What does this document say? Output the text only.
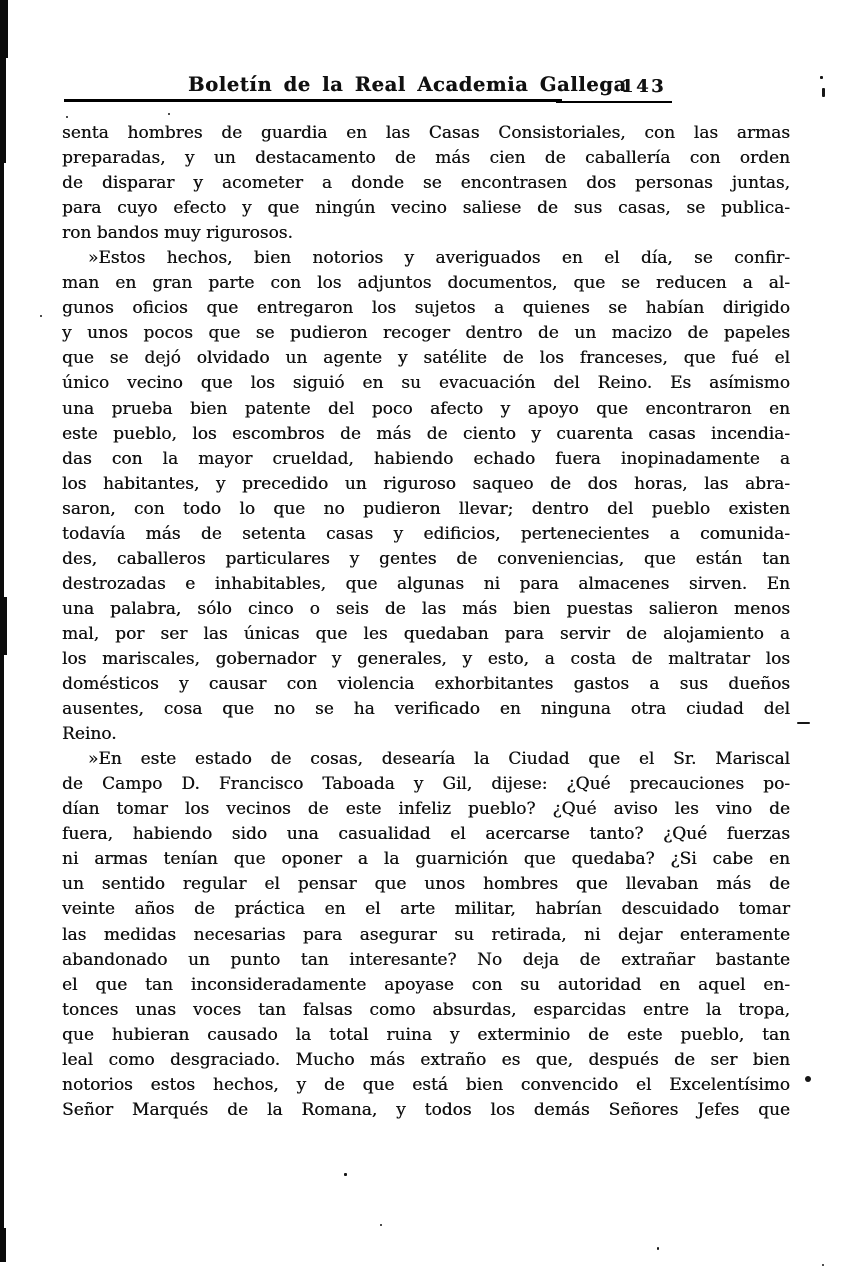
Boletín de la Real Academia Gallega
143
senta hombres de guardia en las Casas Consistoriales, con las armas
preparadas, y un destacamento de más cien de caballería con orden
de disparar y acometer a donde se encontrasen dos personas juntas,
para cuyo efecto y que ningún vecino saliese de sus casas, se publica-
ron bandos muy rigurosos.
»Estos hechos, bien notorios y averiguados en el día, se confir-
man en gran parte con los adjuntos documentos, que se reducen a al-
gunos oficios que entregaron los sujetos a quienes se habían dirigido
y unos pocos que se pudieron recoger dentro de un macizo de papeles
que se dejó olvidado un agente y satélite de los franceses, que fué el
único vecino que los siguió en su evacuación del Reino. Es asímismo
una prueba bien patente del poco afecto y apoyo que encontraron en
este pueblo, los escombros de más de ciento y cuarenta casas incendia-
das con la mayor crueldad, habiendo echado fuera inopinadamente a
los habitantes, y precedido un riguroso saqueo de dos horas, las abra-
saron, con todo lo que no pudieron llevar; dentro del pueblo existen
todavía más de setenta casas y edificios, pertenecientes a comunida-
des, caballeros particulares y gentes de conveniencias, que están tan
destrozadas e inhabitables, que algunas ni para almacenes sirven. En
una palabra, sólo cinco o seis de las más bien puestas salieron menos
mal, por ser las únicas que les quedaban para servir de alojamiento a
los mariscales, gobernador y generales, y esto, a costa de maltratar los
domésticos y causar con violencia exhorbitantes gastos a sus dueños
ausentes, cosa que no se ha verificado en ninguna otra ciudad del
Reino.
»En este estado de cosas, desearía la Ciudad que el Sr. Mariscal
de Campo D. Francisco Taboada y Gil, dijese: ¿Qué precauciones po-
dían tomar los vecinos de este infeliz pueblo? ¿Qué aviso les vino de
fuera, habiendo sido una casualidad el acercarse tanto? ¿Qué fuerzas
ni armas tenían que oponer a la guarnición que quedaba? ¿Si cabe en
un sentido regular el pensar que unos hombres que llevaban más de
veinte años de práctica en el arte militar, habrían descuidado tomar
las medidas necesarias para asegurar su retirada, ni dejar enteramente
abandonado un punto tan interesante? No deja de extrañar bastante
el que tan inconsideradamente apoyase con su autoridad en aquel en-
tonces unas voces tan falsas como absurdas, esparcidas entre la tropa,
que hubieran causado la total ruina y exterminio de este pueblo, tan
leal como desgraciado. Mucho más extraño es que, después de ser bien
notorios estos hechos, y de que está bien convencido el Excelentísimo
Señor Marqués de la Romana, y todos los demás Señores Jefes que
